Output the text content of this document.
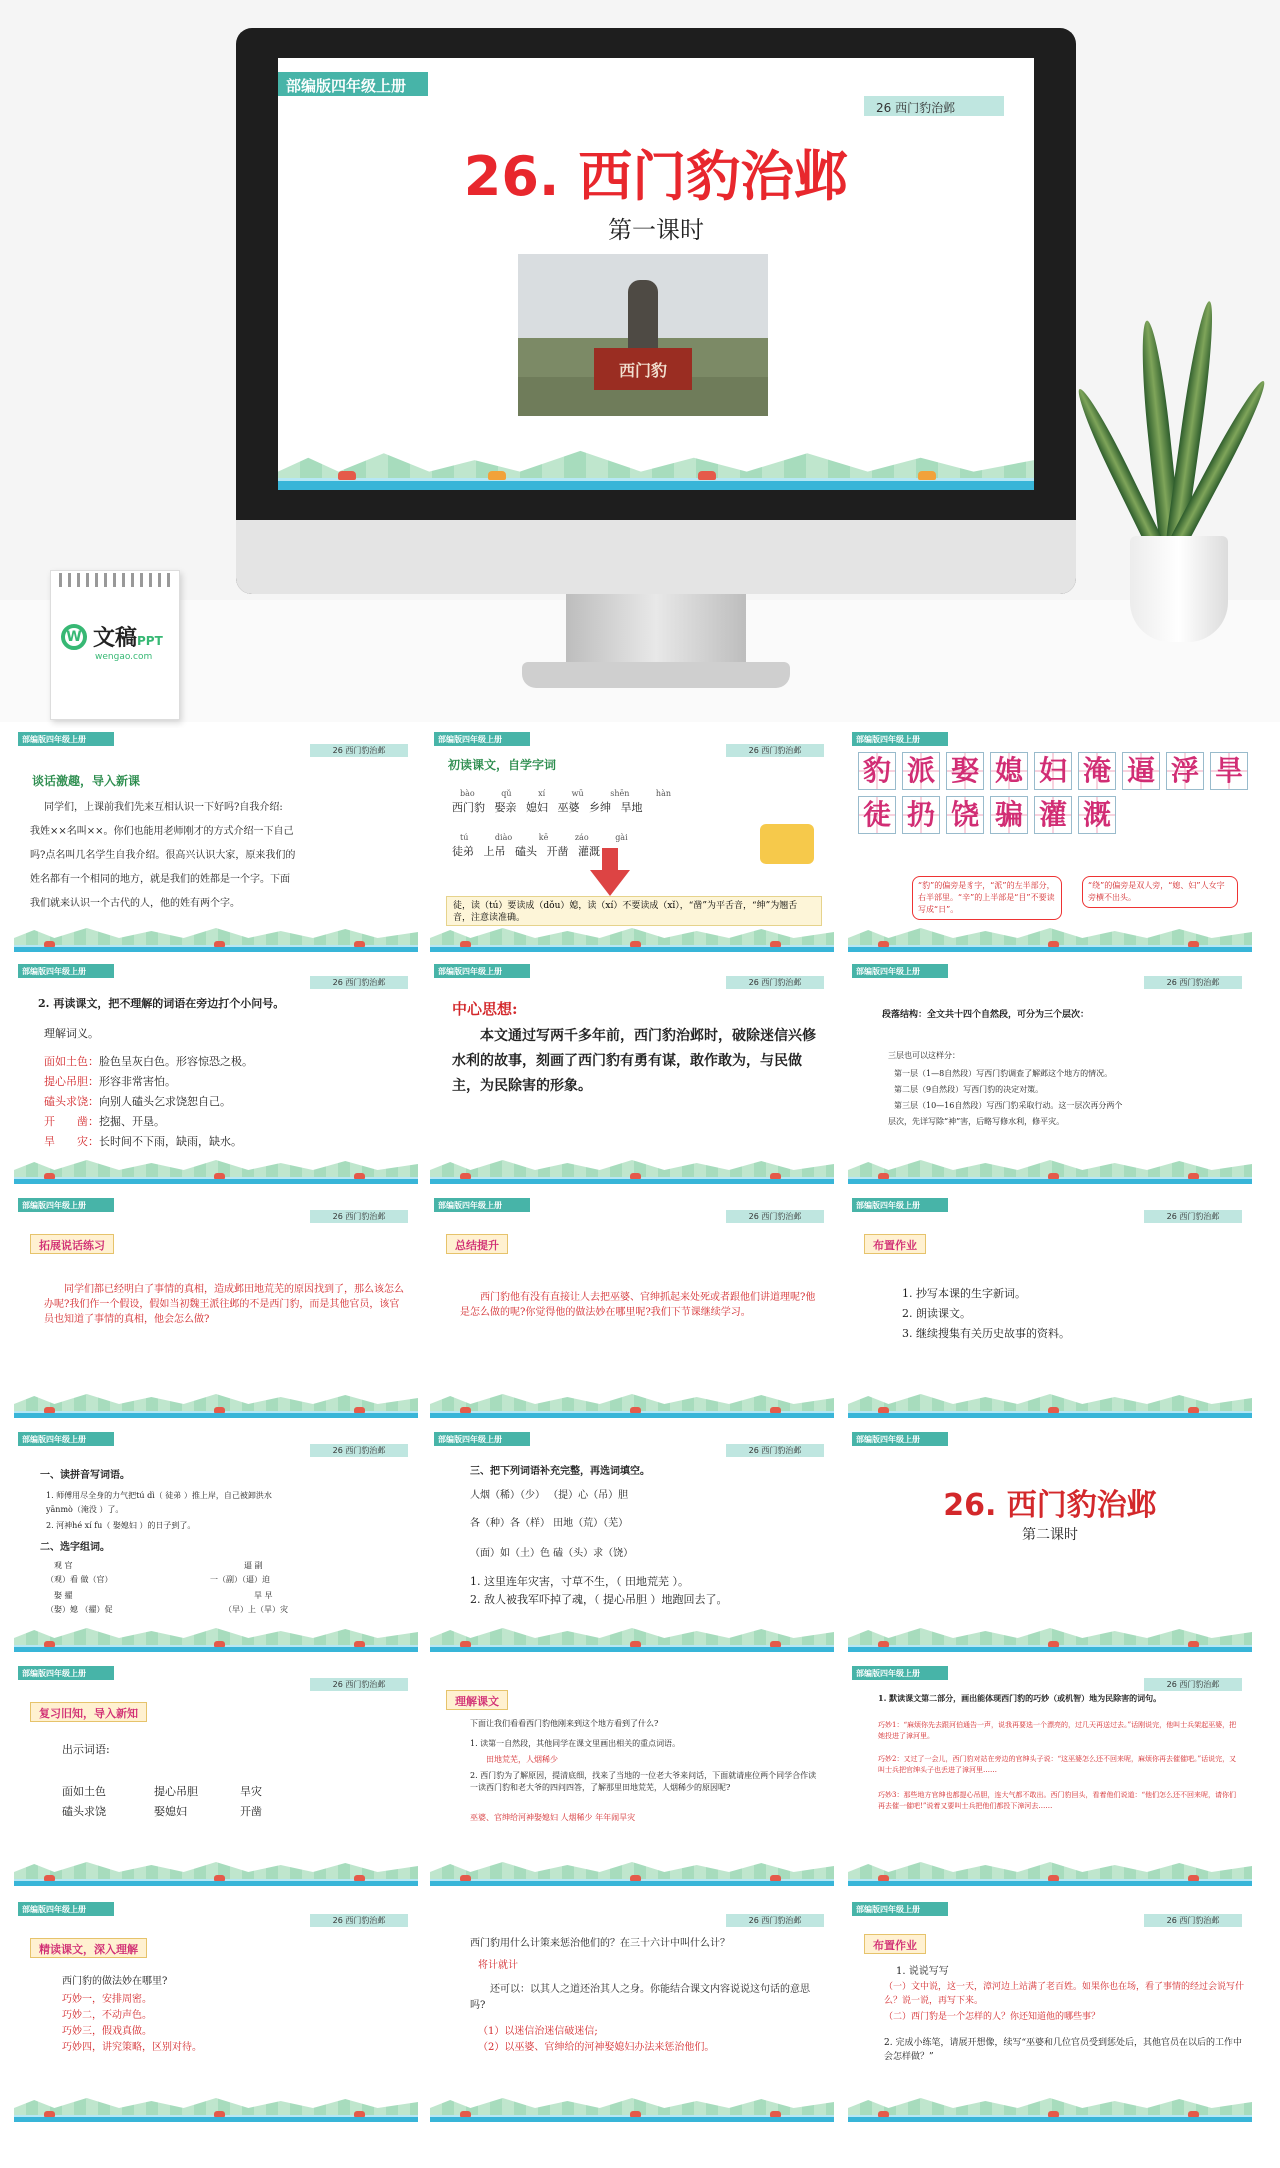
部编版四年级上册
26 西门豹治邺
26. 西门豹治邺
第一课时
西门豹
W 文稿PPT
wengao.com
部编版四年级上册
26 西门豹治邺
谈话激趣，导入新课
同学们，上课前我们先来互相认识一下好吗?自我介绍:
我姓××名叫××。你们也能用老师刚才的方式介绍一下自己
吗?点名叫几名学生自我介绍。很高兴认识大家，原来我们的
姓名都有一个相同的地方，就是我们的姓都是一个字。下面
我们就来认识一个古代的人，他的姓有两个字。
部编版四年级上册
26 西门豹治邺
初读课文，自学字词
bào qǔ xí wū shēn hàn
西门豹 娶亲 媳妇 巫婆 乡绅 旱地
tú diào kē záo gài
徒弟 上吊 磕头 开凿 灌溉
徒，读（tú）要读成（dǒu）媳，读（xí）不要读成（xǐ），“凿”为平舌音，“绅”为翘舌音，注意读准确。
部编版四年级上册
豹 派 娶 媳 妇 淹 逼 浮 旱
徒 扔 饶 骗 灌 溉
“豹”的偏旁是豸字，“派”的左半部分，右半部里。“辛”的上半部是“目”不要读写成“日”。
“绕”的偏旁是双人旁，“媳、妇”人女字旁横不出头。
部编版四年级上册
26 西门豹治邺
2. 再读课文，把不理解的词语在旁边打个小问号。
理解词义。
面如土色：脸色呈灰白色。形容惊恐之极。
提心吊胆：形容非常害怕。
磕头求饶：向别人磕头乞求饶恕自己。
开　　凿：挖掘、开垦。
旱　　灾：长时间不下雨，缺雨，缺水。
部编版四年级上册
26 西门豹治邺
中心思想:
本文通过写两千多年前，西门豹治邺时，破除迷信兴修水利的故事，刻画了西门豹有勇有谋，敢作敢为，与民做主，为民除害的形象。
部编版四年级上册
26 西门豹治邺
段落结构：全文共十四个自然段，可分为三个层次：
三层也可以这样分：
第一层（1—8自然段）写西门豹调查了解邺这个地方的情况。
第二层（9自然段）写西门豹的决定对策。
第三层（10—16自然段）写西门豹采取行动。这一层次再分两个
层次，先详写除“神”害，后略写修水利，修平灾。
部编版四年级上册
26 西门豹治邺
拓展说话练习
同学们都已经明白了事情的真相，造成邺田地荒芜的原因找到了，那么该怎么办呢?我们作一个假设，假如当初魏王派往邺的不是西门豹，而是其他官员，该官员也知道了事情的真相，他会怎么做?
部编版四年级上册
26 西门豹治邺
总结提升
西门豹他有没有直接让人去把巫婆、官绅抓起来处死或者跟他们讲道理呢?他是怎么做的呢?你觉得他的做法妙在哪里呢?我们下节课继续学习。
部编版四年级上册
26 西门豹治邺
布置作业
1. 抄写本课的生字新词。
2. 朗读课文。
3. 继续搜集有关历史故事的资料。
部编版四年级上册
26 西门豹治邺
一、读拼音写词语。
1. 师傅用尽全身的力气把tú dì（ 徒弟 ）推上岸，自己被卸洪水
yānmò（淹没 ）了。
2. 河神hé xí fu（ 娶媳妇 ）的日子到了。
二、选字组词。
观 官
（观）看 做（官）
娶 擢
（娶）媳 （擢）促
逼 副
一（副）（逼）迫
旱 早
（早）上（旱）灾
部编版四年级上册
26 西门豹治邺
三、把下列词语补充完整，再选词填空。
人烟（稀）（少） （提）心（吊）胆
各（种）各（样） 田地（荒）（芜）
（面）如（土）色 磕（头）求（饶）
1. 这里连年灾害，寸草不生，（ 田地荒芜 ）。
2. 敌人被我军吓掉了魂，（ 提心吊胆 ）地跑回去了。
部编版四年级上册
26. 西门豹治邺
第二课时
部编版四年级上册
26 西门豹治邺
复习旧知，导入新知
出示词语:
面如土色	提心吊胆	旱灾
磕头求饶	娶媳妇	开凿
理解课文
下面让我们看看西门豹他刚来到这个地方看到了什么?
1. 读第一自然段，其他同学在课文里画出相关的重点词语。
田地荒芜，人烟稀少
2. 西门豹为了解原因，提清底细，找来了当地的一位老大爷来问话，下面就请座位两个同学合作读一读西门豹和老大爷的四问四答，了解那里田地荒芜，人烟稀少的原因呢?
巫婆、官绅给河神娶媳妇 人烟稀少 年年闹旱灾
部编版四年级上册
26 西门豹治邺
1. 默读课文第二部分，画出能体现西门豹的巧妙（或机智）地为民除害的词句。
巧妙1：“麻烦你先去跟河伯通告一声，说我再要选一个漂亮的，过几天再送过去。”话刚说完，他叫士兵架起巫婆，把她投进了漳河里。
巧妙2：又过了一会儿，西门豹对站在旁边的官绅头子说：“这巫婆怎么还不回来呢，麻烦你再去催催吧。”话说完，又叫士兵把官绅头子也丢进了漳河里……
巧妙3：那些地方官绅也都提心吊胆，连大气都不敢出。西门豹回头，看着他们说道：“他们怎么还不回来呢，请你们再去催一催吧!”说着又要叫士兵把他们都投下漳河去……
部编版四年级上册
26 西门豹治邺
精读课文，深入理解
西门豹的做法妙在哪里?
巧妙一，安排周密。
巧妙二，不动声色。
巧妙三，假戏真做。
巧妙四，讲究策略，区别对待。
26 西门豹治邺
西门豹用什么计策来惩治他们的？在三十六计中叫什么计？
将计就计
还可以：以其人之道还治其人之身。你能结合课文内容说说这句话的意思吗?
（1）以迷信治迷信破迷信;
（2）以巫婆、官绅给的河神娶媳妇办法来惩治他们。
部编版四年级上册
26 西门豹治邺
布置作业
1. 说说写写
（一）文中说，这一天，漳河边上站满了老百姓。如果你也在场，看了事情的经过会说写什么？说一说，再写下来。
（二）西门豹是一个怎样的人？你还知道他的哪些事？
2. 完成小练笔，请展开想像，续写“巫婆和几位官员受到惩处后，其他官员在以后的工作中会怎样做？”
